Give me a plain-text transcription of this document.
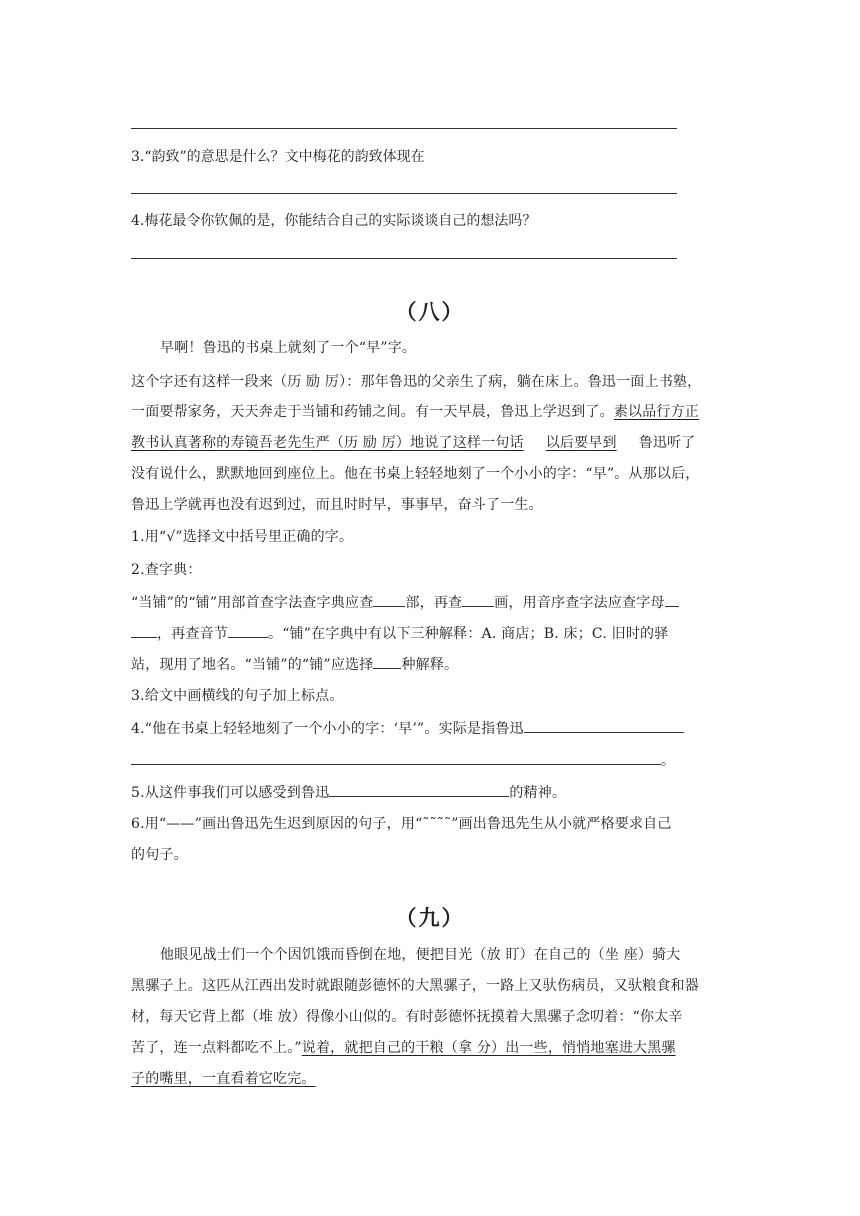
3.“韵致”的意思是什么？文中梅花的韵致体现在
4.梅花最令你钦佩的是，你能结合自己的实际谈谈自己的想法吗？
（八）
早啊！鲁迅的书桌上就刻了一个“早”字。
这个字还有这样一段来（历 励 厉）：那年鲁迅的父亲生了病，躺在床上。鲁迅一面上书塾，
一面要帮家务，天天奔走于当铺和药铺之间。有一天早晨，鲁迅上学迟到了。素以品行方正
教书认真著称的寿镜吾老先生严（历 励 厉）地说了这样一句话 以后要早到 鲁迅听了
没有说什么，默默地回到座位上。他在书桌上轻轻地刻了一个小小的字：“早”。从那以后，
鲁迅上学就再也没有迟到过，而且时时早，事事早，奋斗了一生。
1.用“√”选择文中括号里正确的字。
2.查字典：
“当铺”的“铺”用部首查字法查字典应查 部，再查 画，用音序查字法应查字母
，再查音节	。“铺”在字典中有以下三种解释：A. 商店；B. 床；C. 旧时的驿
站，现用了地名。“当铺”的“铺”应选择 种解释。
3.给文中画横线的句子加上标点。
4.“他在书桌上轻轻地刻了一个小小的字：‘早’”。实际是指鲁迅
。
5.从这件事我们可以感受到鲁迅	的精神。
6.用“——”画出鲁迅先生迟到原因的句子，用“˜˜˜˜”画出鲁迅先生从小就严格要求自己
的句子。
（九）
他眼见战士们一个个因饥饿而昏倒在地，便把目光（放 盯）在自己的（坐 座）骑大
黑骡子上。这匹从江西出发时就跟随彭德怀的大黑骡子，一路上又驮伤病员，又驮粮食和器
材，每天它背上都（堆 放）得像小山似的。有时彭德怀抚摸着大黑骡子念叨着：“你太辛
苦了，连一点料都吃不上。”说着，就把自己的干粮（拿 分）出一些，悄悄地塞进大黑骡
子的嘴里，一直看着它吃完。
